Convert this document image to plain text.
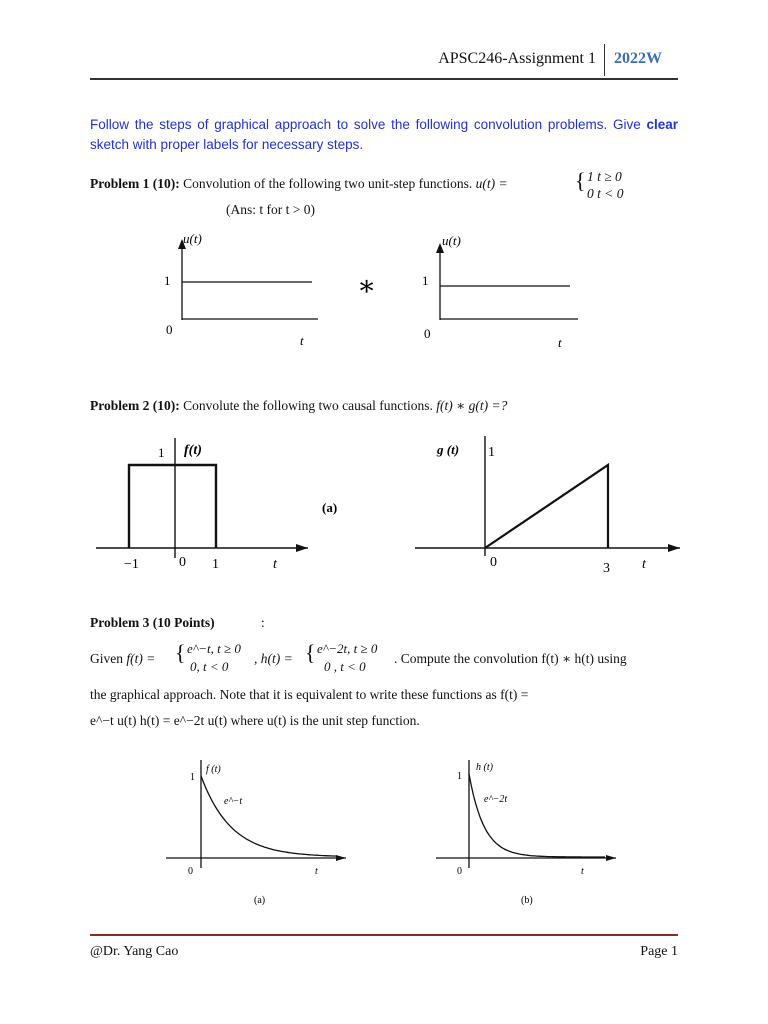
APSC246-Assignment 1 2022W
Follow the steps of graphical approach to solve the following convolution problems. Give clear sketch with proper labels for necessary steps.
Problem 1 (10): Convolution of the following two unit-step functions. u(t) =	{ 1 t ≥ 0
0 t < 0
(Ans: t for t > 0)
u(t)
1
0
t
∗
u(t)
1
0
t
Problem 2 (10): Convolute the following two causal functions. f(t) ∗ g(t) =?
1 f(t)
−1	0 1	t
(a)
g (t) 1
0	3 t
Problem 3 (10 Points)	:
Given f(t) = { e^−t, t ≥ 0
0, t < 0
, h(t) = { e^−2t, t ≥ 0
0 , t < 0
. Compute the convolution f(t) ∗ h(t) using
the graphical approach. Note that it is equivalent to write these functions as f(t) =
e^−t u(t) h(t) = e^−2t u(t) where u(t) is the unit step function.
1
f (t)
e^−t
0	t
(a)
1
h (t)
e^−2t
0	t
(b)
@Dr. Yang Cao	Page 1
